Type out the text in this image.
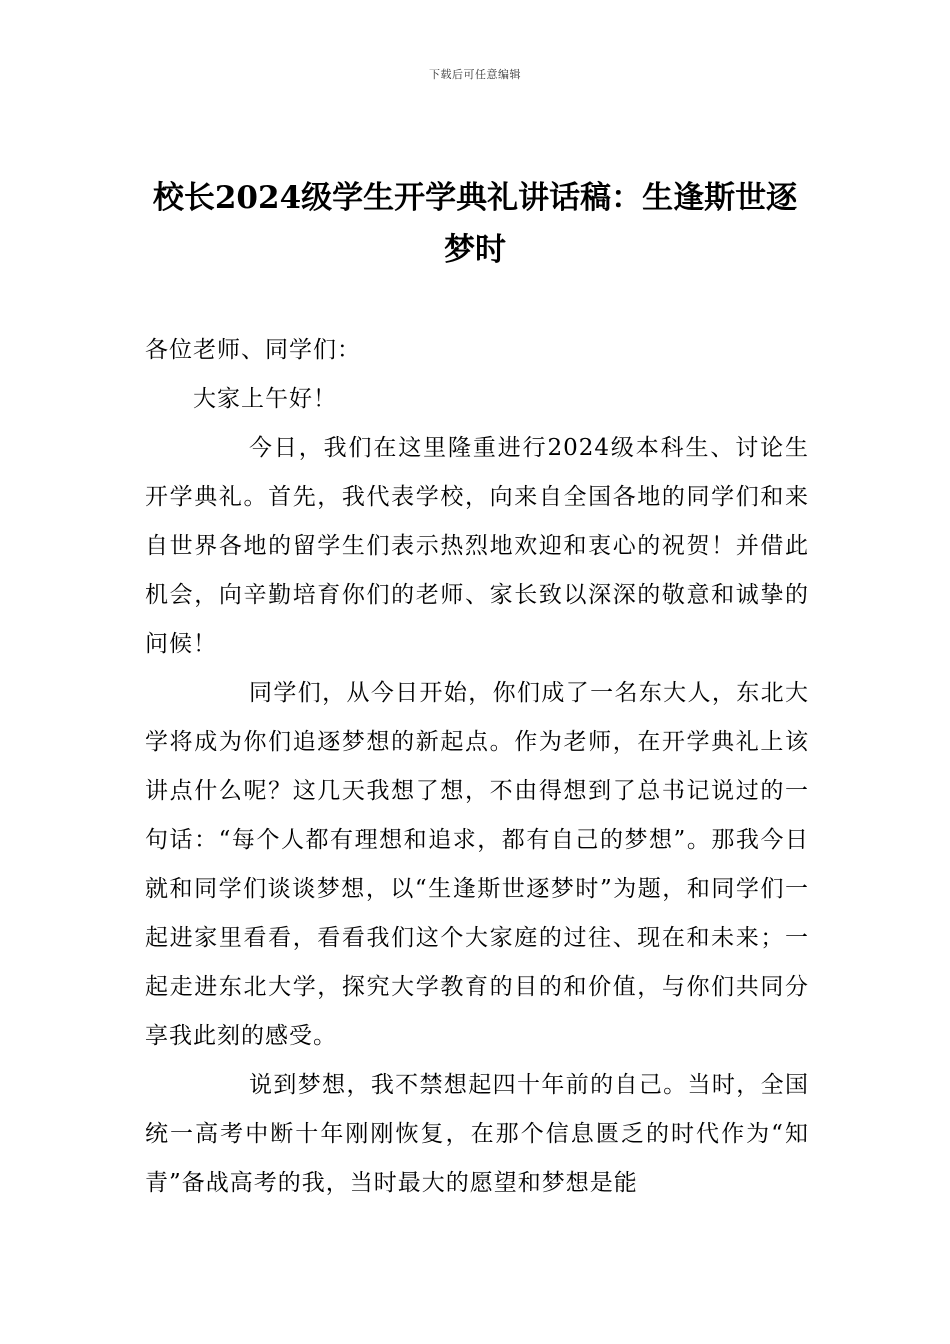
下载后可任意编辑
校长2024级学生开学典礼讲话稿：生逢斯世逐梦时

各位老师、同学们：

大家上午好！

今日，我们在这里隆重进行2024级本科生、讨论生开学典礼。首先，我代表学校，向来自全国各地的同学们和来自世界各地的留学生们表示热烈地欢迎和衷心的祝贺！并借此机会，向辛勤培育你们的老师、家长致以深深的敬意和诚挚的问候！

同学们，从今日开始，你们成了一名东大人，东北大学将成为你们追逐梦想的新起点。作为老师，在开学典礼上该讲点什么呢？这几天我想了想，不由得想到了总书记说过的一句话：“每个人都有理想和追求，都有自己的梦想”。那我今日就和同学们谈谈梦想，以“生逢斯世逐梦时”为题，和同学们一起进家里看看，看看我们这个大家庭的过往、现在和未来；一起走进东北大学，探究大学教育的目的和价值，与你们共同分享我此刻的感受。

说到梦想，我不禁想起四十年前的自己。当时，全国统一高考中断十年刚刚恢复，在那个信息匮乏的时代作为“知青”备战高考的我，当时最大的愿望和梦想是能
